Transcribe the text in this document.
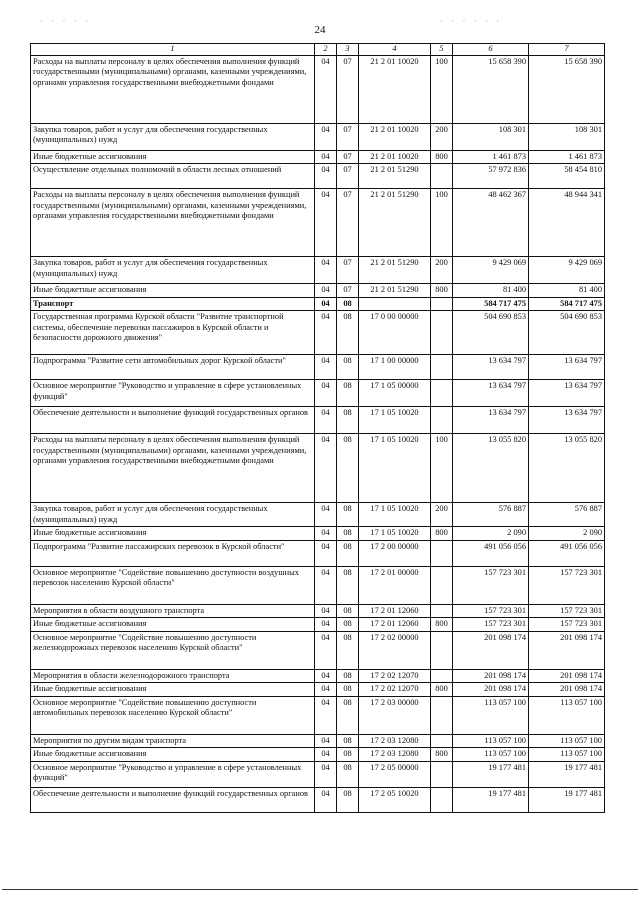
· · · · ·	· · · · · ·
24
1	2	3	4	5	6	7
Расходы на выплаты персоналу в целях обеспечения выполнения функций государственными (муниципальными) органами, казенными учреждениями, органами управления государственными внебюджетными фондами	04	07	21 2 01 10020	100	15 658 390	15 658 390
Закупка товаров, работ и услуг для обеспечения государственных (муниципальных) нужд	04	07	21 2 01 10020	200	108 301	108 301
Иные бюджетные ассигнования	04	07	21 2 01 10020	800	1 461 873	1 461 873
Осуществление отдельных полномочий в области лесных отношений	04	07	21 2 01 51290		57 972 836	58 454 810
Расходы на выплаты персоналу в целях обеспечения выполнения функций государственными (муниципальными) органами, казенными учреждениями, органами управления государственными внебюджетными фондами	04	07	21 2 01 51290	100	48 462 367	48 944 341
Закупка товаров, работ и услуг для обеспечения государственных (муниципальных) нужд	04	07	21 2 01 51290	200	9 429 069	9 429 069
Иные бюджетные ассигнования	04	07	21 2 01 51290	800	81 400	81 400
Транспорт	04	08			584 717 475	584 717 475
Государственная программа Курской области "Развитие транспортной системы, обеспечение перевозки пассажиров в Курской области и безопасности дорожного движения"	04	08	17 0 00 00000		504 690 853	504 690 853
Подпрограмма "Развитие сети автомобильных дорог Курской области"	04	08	17 1 00 00000		13 634 797	13 634 797
Основное мероприятие "Руководство и управление в сфере установленных функций"	04	08	17 1 05 00000		13 634 797	13 634 797
Обеспечение деятельности и выполнение функций государственных органов	04	08	17 1 05 10020		13 634 797	13 634 797
Расходы на выплаты персоналу в целях обеспечения выполнения функций государственными (муниципальными) органами, казенными учреждениями, органами управления государственными внебюджетными фондами	04	08	17 1 05 10020	100	13 055 820	13 055 820
Закупка товаров, работ и услуг для обеспечения государственных (муниципальных) нужд	04	08	17 1 05 10020	200	576 887	576 887
Иные бюджетные ассигнования	04	08	17 1 05 10020	800	2 090	2 090
Подпрограмма "Развитие пассажирских перевозок в Курской области"	04	08	17 2 00 00000		491 056 056	491 056 056
Основное мероприятие "Содействие повышению доступности воздушных перевозок населению Курской области"	04	08	17 2 01 00000		157 723 301	157 723 301
Мероприятия в области воздушного транспорта	04	08	17 2 01 12060		157 723 301	157 723 301
Иные бюджетные ассигнования	04	08	17 2 01 12060	800	157 723 301	157 723 301
Основное мероприятие "Содействие повышению доступности железнодорожных перевозок населению Курской области"	04	08	17 2 02 00000		201 098 174	201 098 174
Мероприятия в области железнодорожного транспорта	04	08	17 2 02 12070		201 098 174	201 098 174
Иные бюджетные ассигнования	04	08	17 2 02 12070	800	201 098 174	201 098 174
Основное мероприятие "Содействие повышению доступности автомобильных перевозок населению Курской области"	04	08	17 2 03 00000		113 057 100	113 057 100
Мероприятия по другим видам транспорта	04	08	17 2 03 12080		113 057 100	113 057 100
Иные бюджетные ассигнования	04	08	17 2 03 12080	800	113 057 100	113 057 100
Основное мероприятие "Руководство и управление в сфере установленных функций"	04	08	17 2 05 00000		19 177 481	19 177 481
Обеспечение деятельности и выполнение функций государственных органов	04	08	17 2 05 10020		19 177 481	19 177 481
